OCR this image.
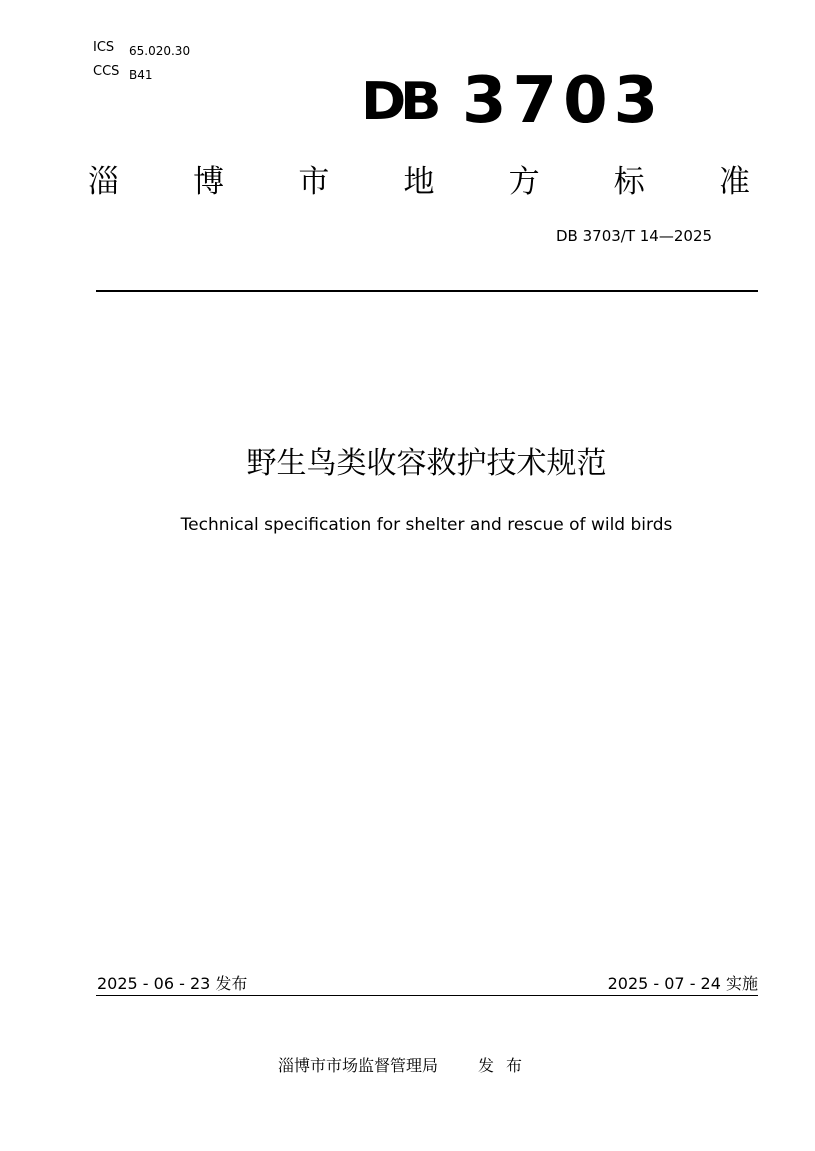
ICS 65.020.30
CCS B41	DB 3703
淄 博 市 地 方 标 准
DB 3703/T 14—2025
野生鸟类收容救护技术规范
Technical specification for shelter and rescue of wild birds
2025 - 06 - 23 发布	2025 - 07 - 24 实施
淄博市市场监督管理局	发布
